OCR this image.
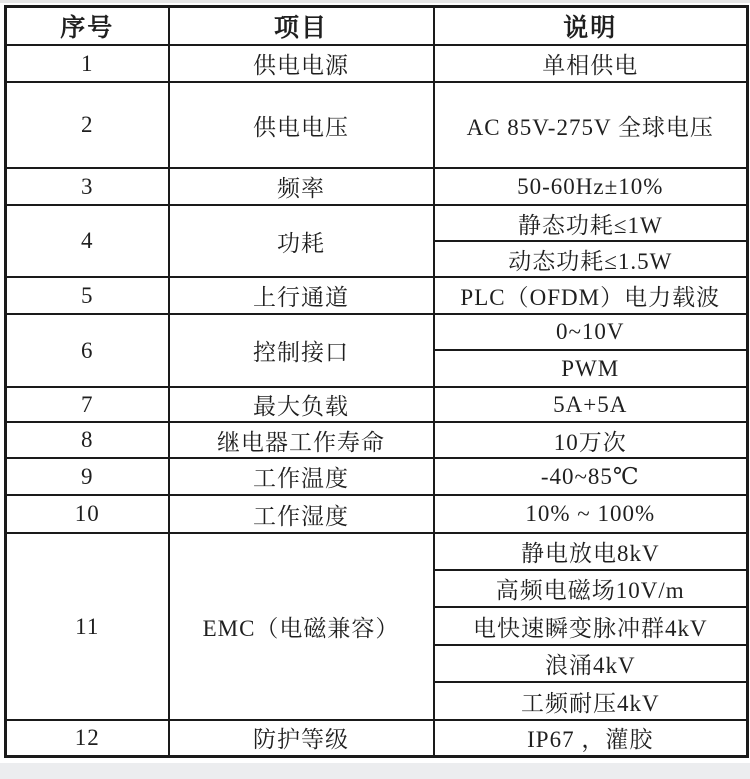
序号	项目	说明
1	供电电源	单相供电
2	供电电压	AC 85V-275V 全球电压
3	频率	50-60Hz±10%
4	功耗	静态功耗≤1W
		动态功耗≤1.5W
5	上行通道	PLC（OFDM）电力载波
6	控制接口	0~10V
		PWM
7	最大负载	5A+5A
8	继电器工作寿命	10万次
9	工作温度	-40~85℃
10	工作湿度	10% ~ 100%
11	EMC（电磁兼容）	静电放电8kV
		高频电磁场10V/m
		电快速瞬变脉冲群4kV
		浪涌4kV
		工频耐压4kV
12	防护等级	IP67 ，灌胶
